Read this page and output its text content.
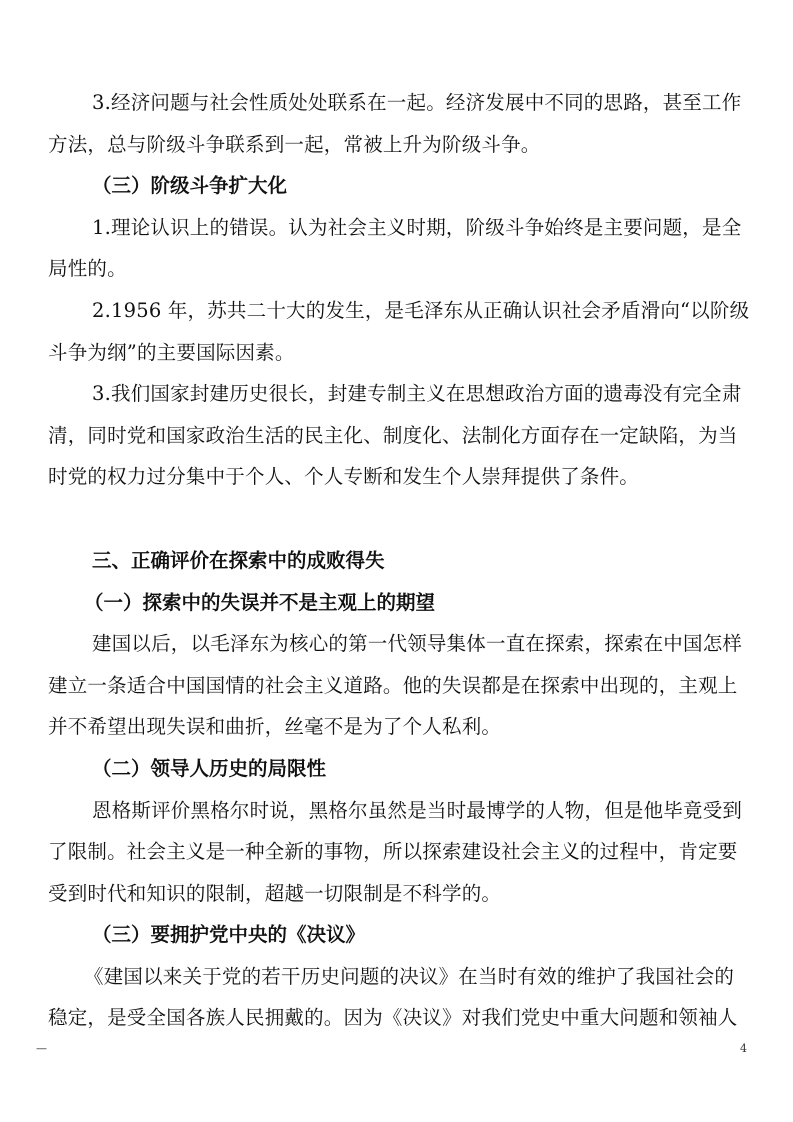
3.经济问题与社会性质处处联系在一起。经济发展中不同的思路，甚至工作
方法，总与阶级斗争联系到一起，常被上升为阶级斗争。

（三）阶级斗争扩大化

1.理论认识上的错误。认为社会主义时期，阶级斗争始终是主要问题，是全
局性的。

2.1956 年，苏共二十大的发生，是毛泽东从正确认识社会矛盾滑向“以阶级
斗争为纲”的主要国际因素。

3.我们国家封建历史很长，封建专制主义在思想政治方面的遗毒没有完全肃
清，同时党和国家政治生活的民主化、制度化、法制化方面存在一定缺陷，为当
时党的权力过分集中于个人、个人专断和发生个人崇拜提供了条件。

三、正确评价在探索中的成败得失

（一）探索中的失误并不是主观上的期望

建国以后，以毛泽东为核心的第一代领导集体一直在探索，探索在中国怎样
建立一条适合中国国情的社会主义道路。他的失误都是在探索中出现的，主观上
并不希望出现失误和曲折，丝毫不是为了个人私利。

（二）领导人历史的局限性

恩格斯评价黑格尔时说，黑格尔虽然是当时最博学的人物，但是他毕竟受到
了限制。社会主义是一种全新的事物，所以探索建设社会主义的过程中，肯定要
受到时代和知识的限制，超越一切限制是不科学的。

（三）要拥护党中央的《决议》

《建国以来关于党的若干历史问题的决议》在当时有效的维护了我国社会的
稳定，是受全国各族人民拥戴的。因为《决议》对我们党史中重大问题和领袖人

—	4
